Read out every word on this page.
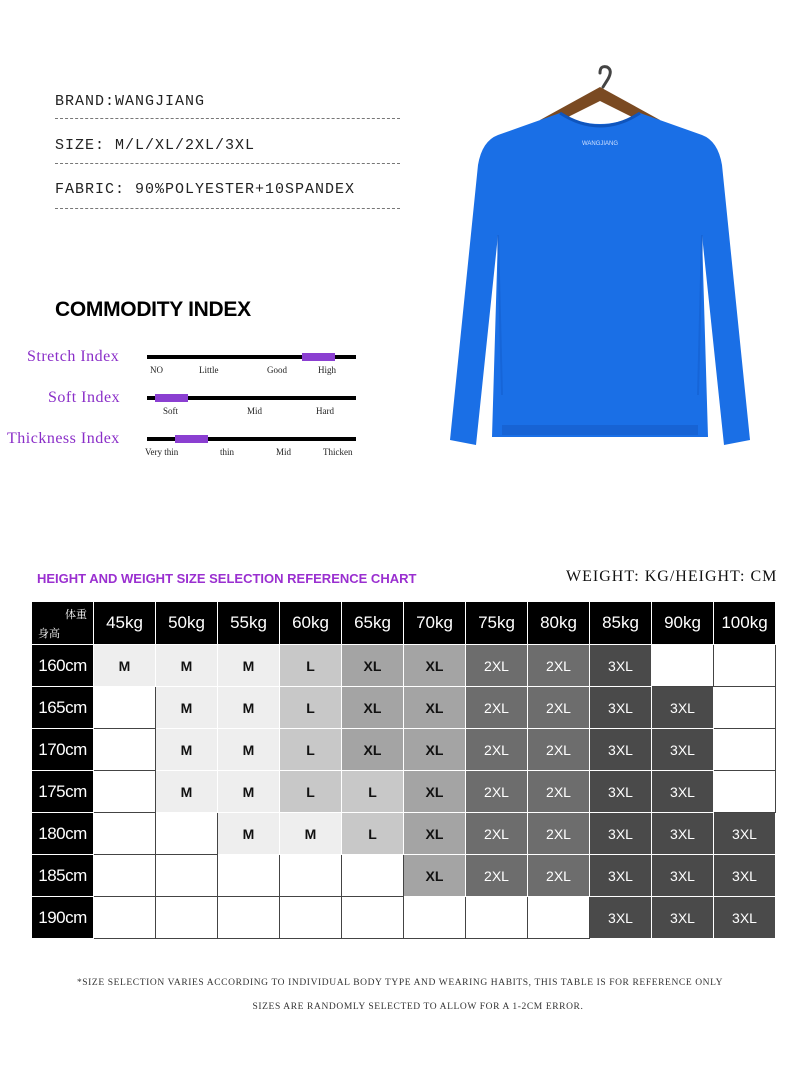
BRAND:WANGJIANG
SIZE: M/L/XL/2XL/3XL
FABRIC: 90%POLYESTER+10SPANDEX
COMMODITY INDEX
Stretch Index
NO	Little	Good	High
Soft Index
Soft	Mid	Hard
Thickness Index
Very thin	thin	Mid	Thicken
WANGJIANG
HEIGHT AND WEIGHT SIZE SELECTION REFERENCE CHART	WEIGHT: KG/HEIGHT: CM
体重
身高	45kg	50kg	55kg	60kg	65kg	70kg	75kg	80kg	85kg	90kg	100kg
160cm	M	M	M	L	XL	XL	2XL	2XL	3XL		
165cm		M	M	L	XL	XL	2XL	2XL	3XL	3XL	
170cm		M	M	L	XL	XL	2XL	2XL	3XL	3XL	
175cm		M	M	L	L	XL	2XL	2XL	3XL	3XL	
180cm			M	M	L	XL	2XL	2XL	3XL	3XL	3XL
185cm						XL	2XL	2XL	3XL	3XL	3XL
190cm									3XL	3XL	3XL
*SIZE SELECTION VARIES ACCORDING TO INDIVIDUAL BODY TYPE AND WEARING HABITS, THIS TABLE IS FOR REFERENCE ONLY
SIZES ARE RANDOMLY SELECTED TO ALLOW FOR A 1-2CM ERROR.
